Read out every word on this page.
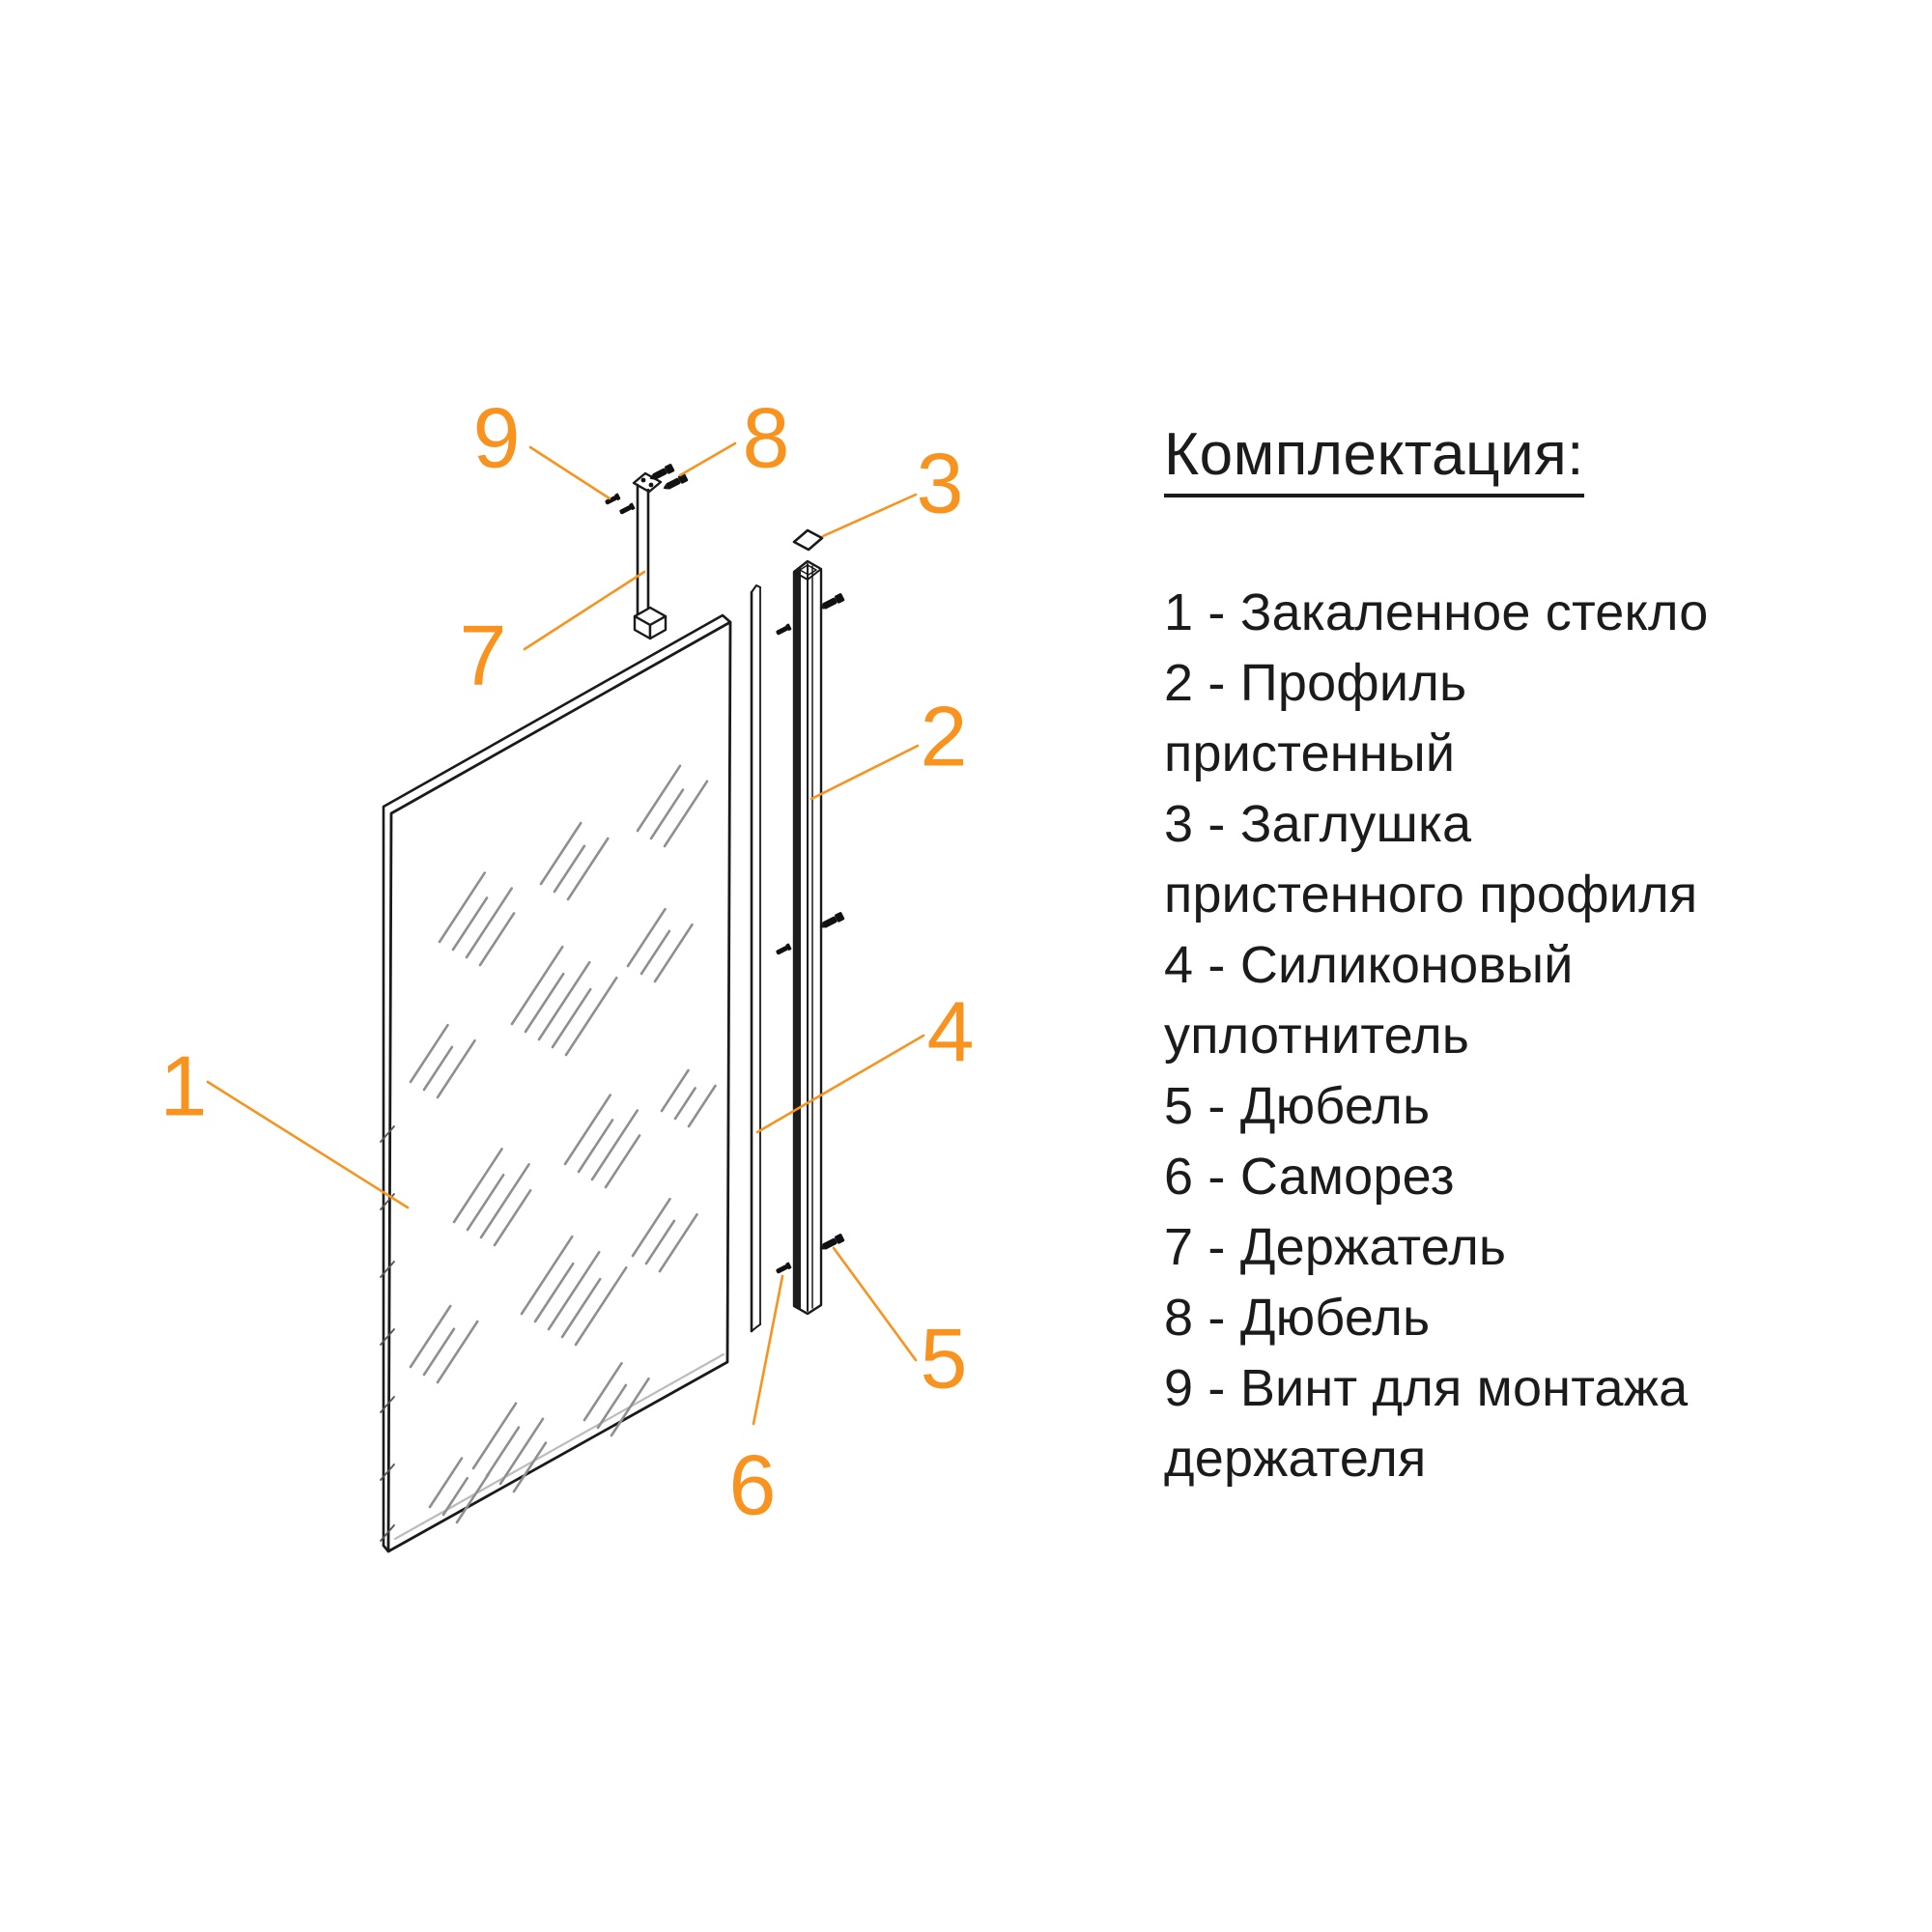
1
2
3
4
5
6
7
8
9	Комплектация:
1 - Закаленное стекло
2 - Профиль
пристенный
3 - Заглушка
пристенного профиля
4 - Силиконовый
уплотнитель
5 - Дюбель
6 - Саморез
7 - Держатель
8 - Дюбель
9 - Винт для монтажа
держателя
